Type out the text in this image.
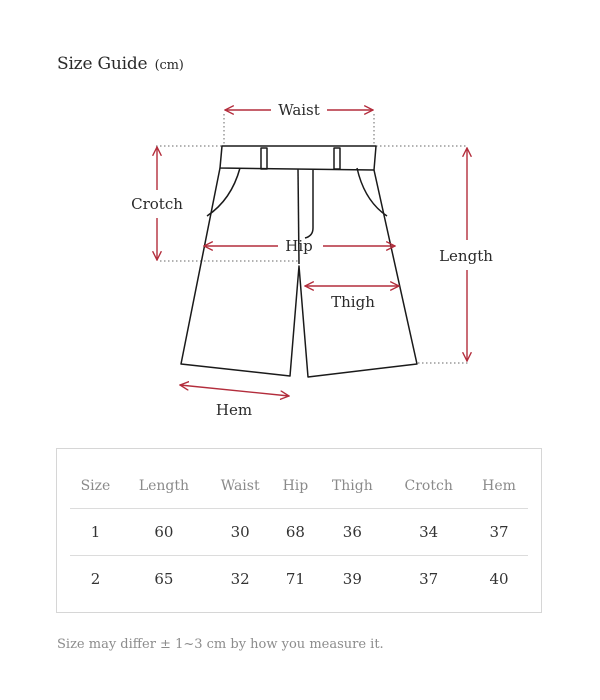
Size Guide (cm)
Waist
Crotch
Hip
Length
Thigh
Hem
Size	Length	Waist	Hip	Thigh	Crotch	Hem
1	60	30	68	36	34	37
2	65	32	71	39	37	40
Size may differ ± 1~3 cm by how you measure it.
